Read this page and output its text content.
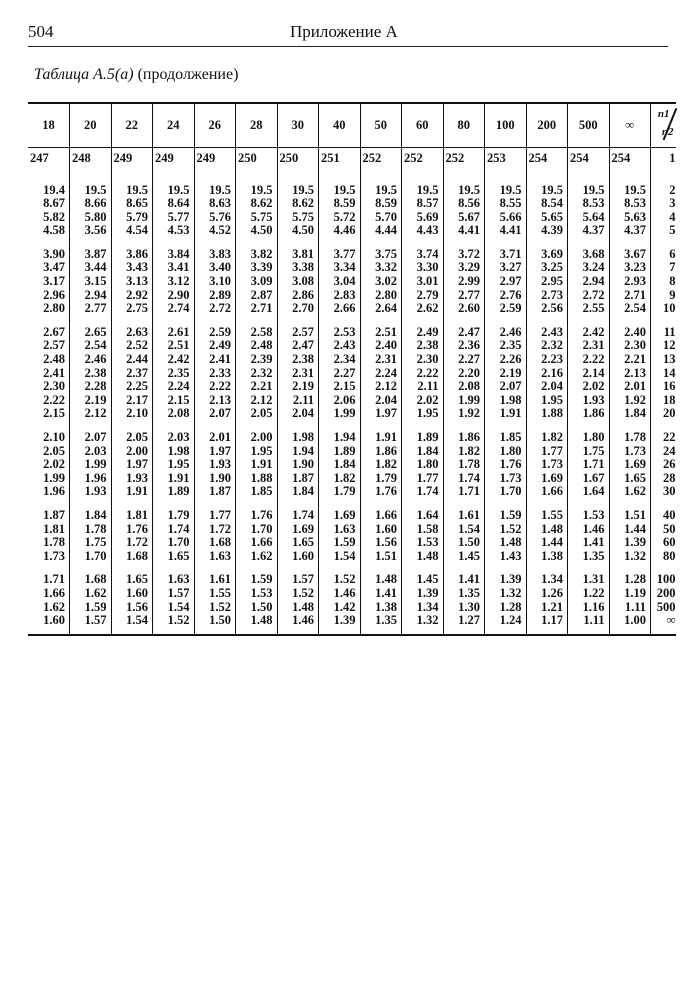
504	Приложение А
Таблица А.5(а) (продолжение)
18	20	22	24	26	28	30	40	50	60	80	100	200	500	∞	n1
n2

247	248	249	249	249	250	250	251	252	252	252	253	254	254	254	1
19.4	19.5	19.5	19.5	19.5	19.5	19.5	19.5	19.5	19.5	19.5	19.5	19.5	19.5	19.5	2
8.67	8.66	8.65	8.64	8.63	8.62	8.62	8.59	8.59	8.57	8.56	8.55	8.54	8.53	8.53	3
5.82	5.80	5.79	5.77	5.76	5.75	5.75	5.72	5.70	5.69	5.67	5.66	5.65	5.64	5.63	4
4.58	3.56	4.54	4.53	4.52	4.50	4.50	4.46	4.44	4.43	4.41	4.41	4.39	4.37	4.37	5
3.90	3.87	3.86	3.84	3.83	3.82	3.81	3.77	3.75	3.74	3.72	3.71	3.69	3.68	3.67	6
3.47	3.44	3.43	3.41	3.40	3.39	3.38	3.34	3.32	3.30	3.29	3.27	3.25	3.24	3.23	7
3.17	3.15	3.13	3.12	3.10	3.09	3.08	3.04	3.02	3.01	2.99	2.97	2.95	2.94	2.93	8
2.96	2.94	2.92	2.90	2.89	2.87	2.86	2.83	2.80	2.79	2.77	2.76	2.73	2.72	2.71	9
2.80	2.77	2.75	2.74	2.72	2.71	2.70	2.66	2.64	2.62	2.60	2.59	2.56	2.55	2.54	10
2.67	2.65	2.63	2.61	2.59	2.58	2.57	2.53	2.51	2.49	2.47	2.46	2.43	2.42	2.40	11
2.57	2.54	2.52	2.51	2.49	2.48	2.47	2.43	2.40	2.38	2.36	2.35	2.32	2.31	2.30	12
2.48	2.46	2.44	2.42	2.41	2.39	2.38	2.34	2.31	2.30	2.27	2.26	2.23	2.22	2.21	13
2.41	2.38	2.37	2.35	2.33	2.32	2.31	2.27	2.24	2.22	2.20	2.19	2.16	2.14	2.13	14
2.30	2.28	2.25	2.24	2.22	2.21	2.19	2.15	2.12	2.11	2.08	2.07	2.04	2.02	2.01	16
2.22	2.19	2.17	2.15	2.13	2.12	2.11	2.06	2.04	2.02	1.99	1.98	1.95	1.93	1.92	18
2.15	2.12	2.10	2.08	2.07	2.05	2.04	1.99	1.97	1.95	1.92	1.91	1.88	1.86	1.84	20
2.10	2.07	2.05	2.03	2.01	2.00	1.98	1.94	1.91	1.89	1.86	1.85	1.82	1.80	1.78	22
2.05	2.03	2.00	1.98	1.97	1.95	1.94	1.89	1.86	1.84	1.82	1.80	1.77	1.75	1.73	24
2.02	1.99	1.97	1.95	1.93	1.91	1.90	1.84	1.82	1.80	1.78	1.76	1.73	1.71	1.69	26
1.99	1.96	1.93	1.91	1.90	1.88	1.87	1.82	1.79	1.77	1.74	1.73	1.69	1.67	1.65	28
1.96	1.93	1.91	1.89	1.87	1.85	1.84	1.79	1.76	1.74	1.71	1.70	1.66	1.64	1.62	30
1.87	1.84	1.81	1.79	1.77	1.76	1.74	1.69	1.66	1.64	1.61	1.59	1.55	1.53	1.51	40
1.81	1.78	1.76	1.74	1.72	1.70	1.69	1.63	1.60	1.58	1.54	1.52	1.48	1.46	1.44	50
1.78	1.75	1.72	1.70	1.68	1.66	1.65	1.59	1.56	1.53	1.50	1.48	1.44	1.41	1.39	60
1.73	1.70	1.68	1.65	1.63	1.62	1.60	1.54	1.51	1.48	1.45	1.43	1.38	1.35	1.32	80
1.71	1.68	1.65	1.63	1.61	1.59	1.57	1.52	1.48	1.45	1.41	1.39	1.34	1.31	1.28	100
1.66	1.62	1.60	1.57	1.55	1.53	1.52	1.46	1.41	1.39	1.35	1.32	1.26	1.22	1.19	200
1.62	1.59	1.56	1.54	1.52	1.50	1.48	1.42	1.38	1.34	1.30	1.28	1.21	1.16	1.11	500
1.60	1.57	1.54	1.52	1.50	1.48	1.46	1.39	1.35	1.32	1.27	1.24	1.17	1.11	1.00	∞
